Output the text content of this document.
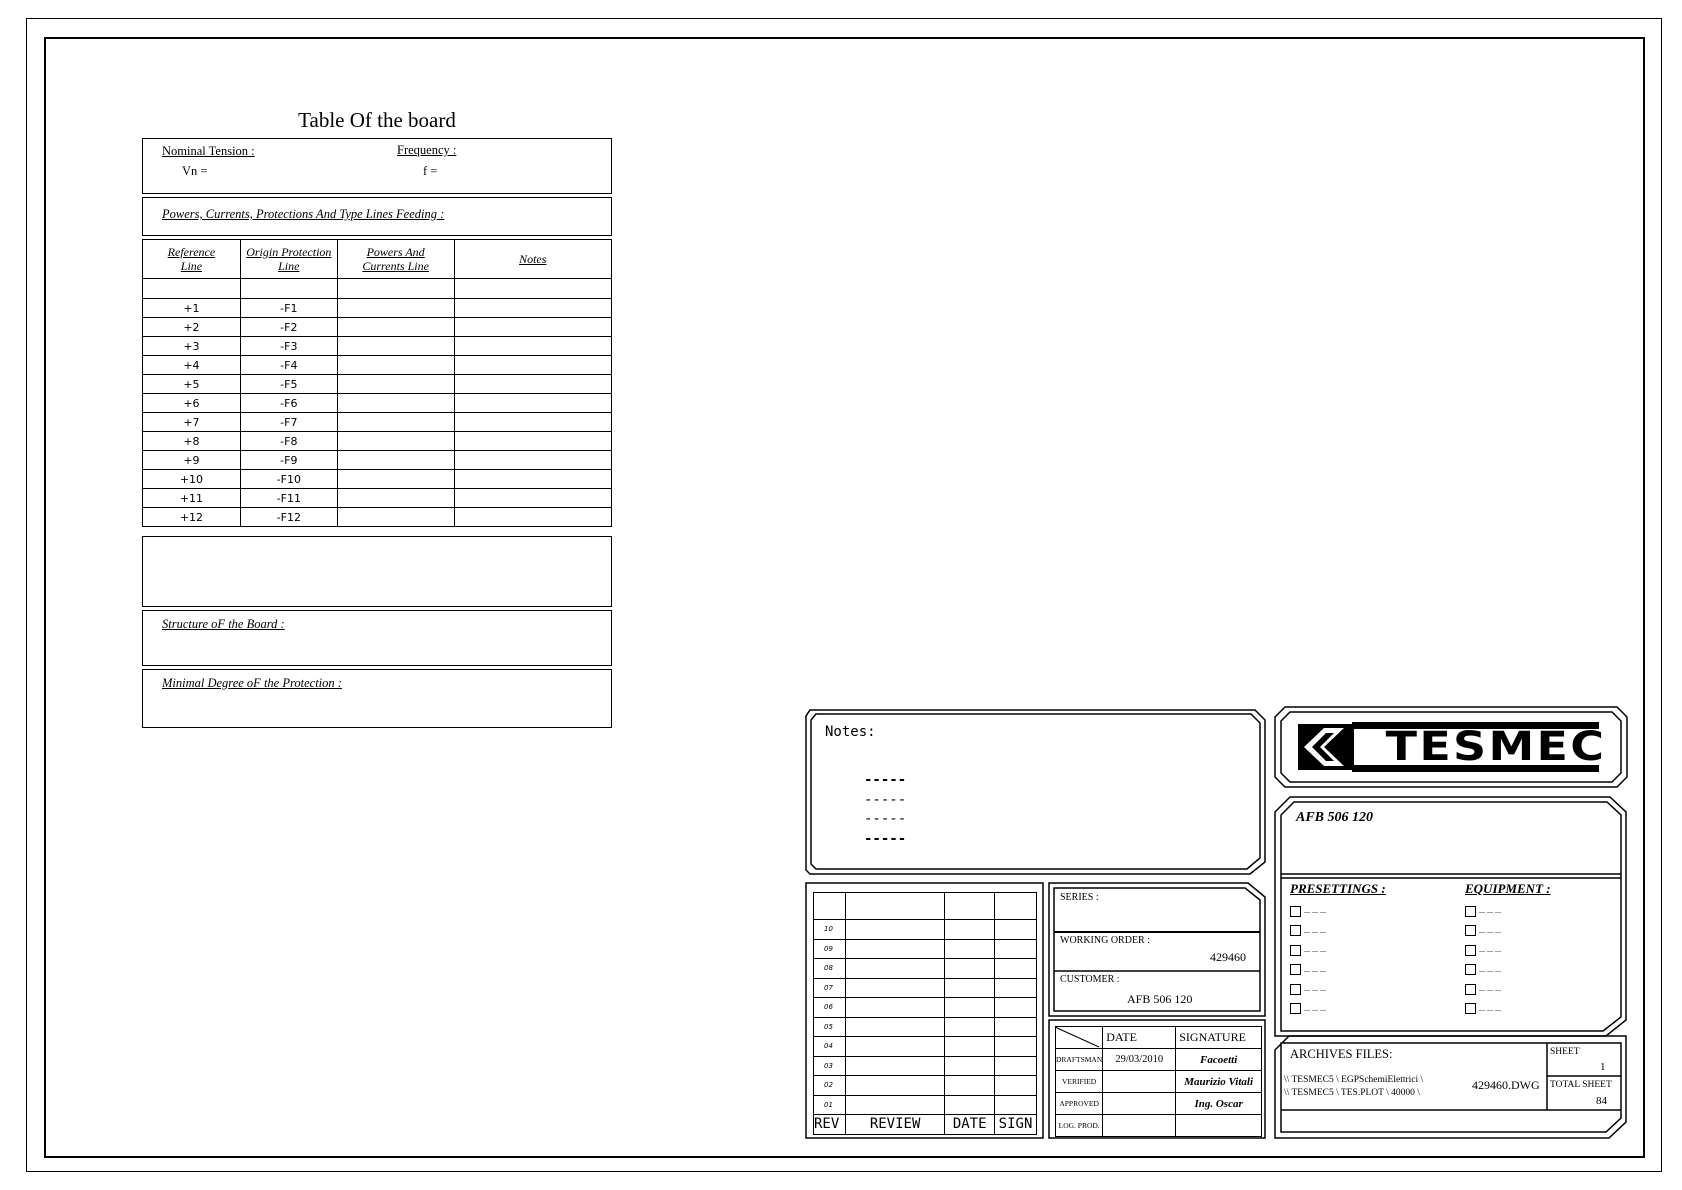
Table Of the board
Nominal Tension :
Vn =
Frequency :
f =
Powers, Currents, Protections And Type Lines Feeding :
Reference Line	Origin Protection Line	Powers And Currents Line	Notes

+1	-F1		
+2	-F2		
+3	-F3		
+4	-F4		
+5	-F5		
+6	-F6		
+7	-F7		
+8	-F8		
+9	-F9		
+10	-F10		
+11	-F11		
+12	-F12		
Structure oF the Board :
Minimal Degree oF the Protection :
Notes:
-----
-----
-----
-----

10			
09			
08			
07			
06			
05			
04			
03			
02			
01			
REV	REVIEW	DATE	SIGN
SERIES :
WORKING ORDER :
429460
CUSTOMER :
AFB 506 120
	DATE	SIGNATURE
DRAFTSMAN	29/03/2010	Facoetti
VERIFIED		Maurizio Vitali
APPROVED		Ing. Oscar
LOG. PROD.		
TESMEC
AFB 506 120
PRESETTINGS :	EQUIPMENT :
... ... ...
... ... ...
... ... ...
... ... ...
... ... ...
... ... ...
... ... ...
... ... ...
... ... ...
... ... ...
... ... ...
... ... ...
ARCHIVES FILES:
\\ TESMEC5 \ EGPSchemiElettrici \
\\ TESMEC5 \ TES.PLOT \ 40000 \
429460.DWG
SHEET
1
TOTAL SHEET
84
